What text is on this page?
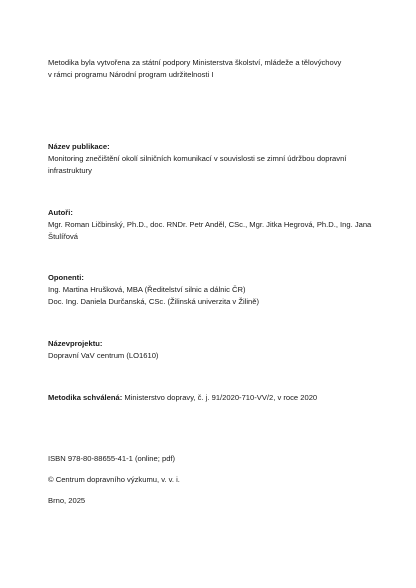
Metodika byla vytvořena za státní podpory Ministerstva školství, mládeže a tělovýchovy
v rámci programu Národní program udržitelnosti I
Název publikace:
Monitoring znečištění okolí silničních komunikací v souvislosti se zimní údržbou dopravní infrastruktury
Autoři:
Mgr. Roman Ličbinský, Ph.D., doc. RNDr. Petr Anděl, CSc., Mgr. Jitka Hegrová, Ph.D., Ing. Jana Štulířová
Oponenti:
Ing. Martina Hrušková, MBA (Ředitelství silnic a dálnic ČR)
Doc. Ing. Daniela Durčanská, CSc. (Žilinská univerzita v Žilině)
Názevprojektu:
Dopravní VaV centrum (LO1610)
Metodika schválená: Ministerstvo dopravy, č. j. 91/2020-710-VV/2, v roce 2020
ISBN 978-80-88655-41-1 (online; pdf)
© Centrum dopravního výzkumu, v. v. i.
Brno, 2025
